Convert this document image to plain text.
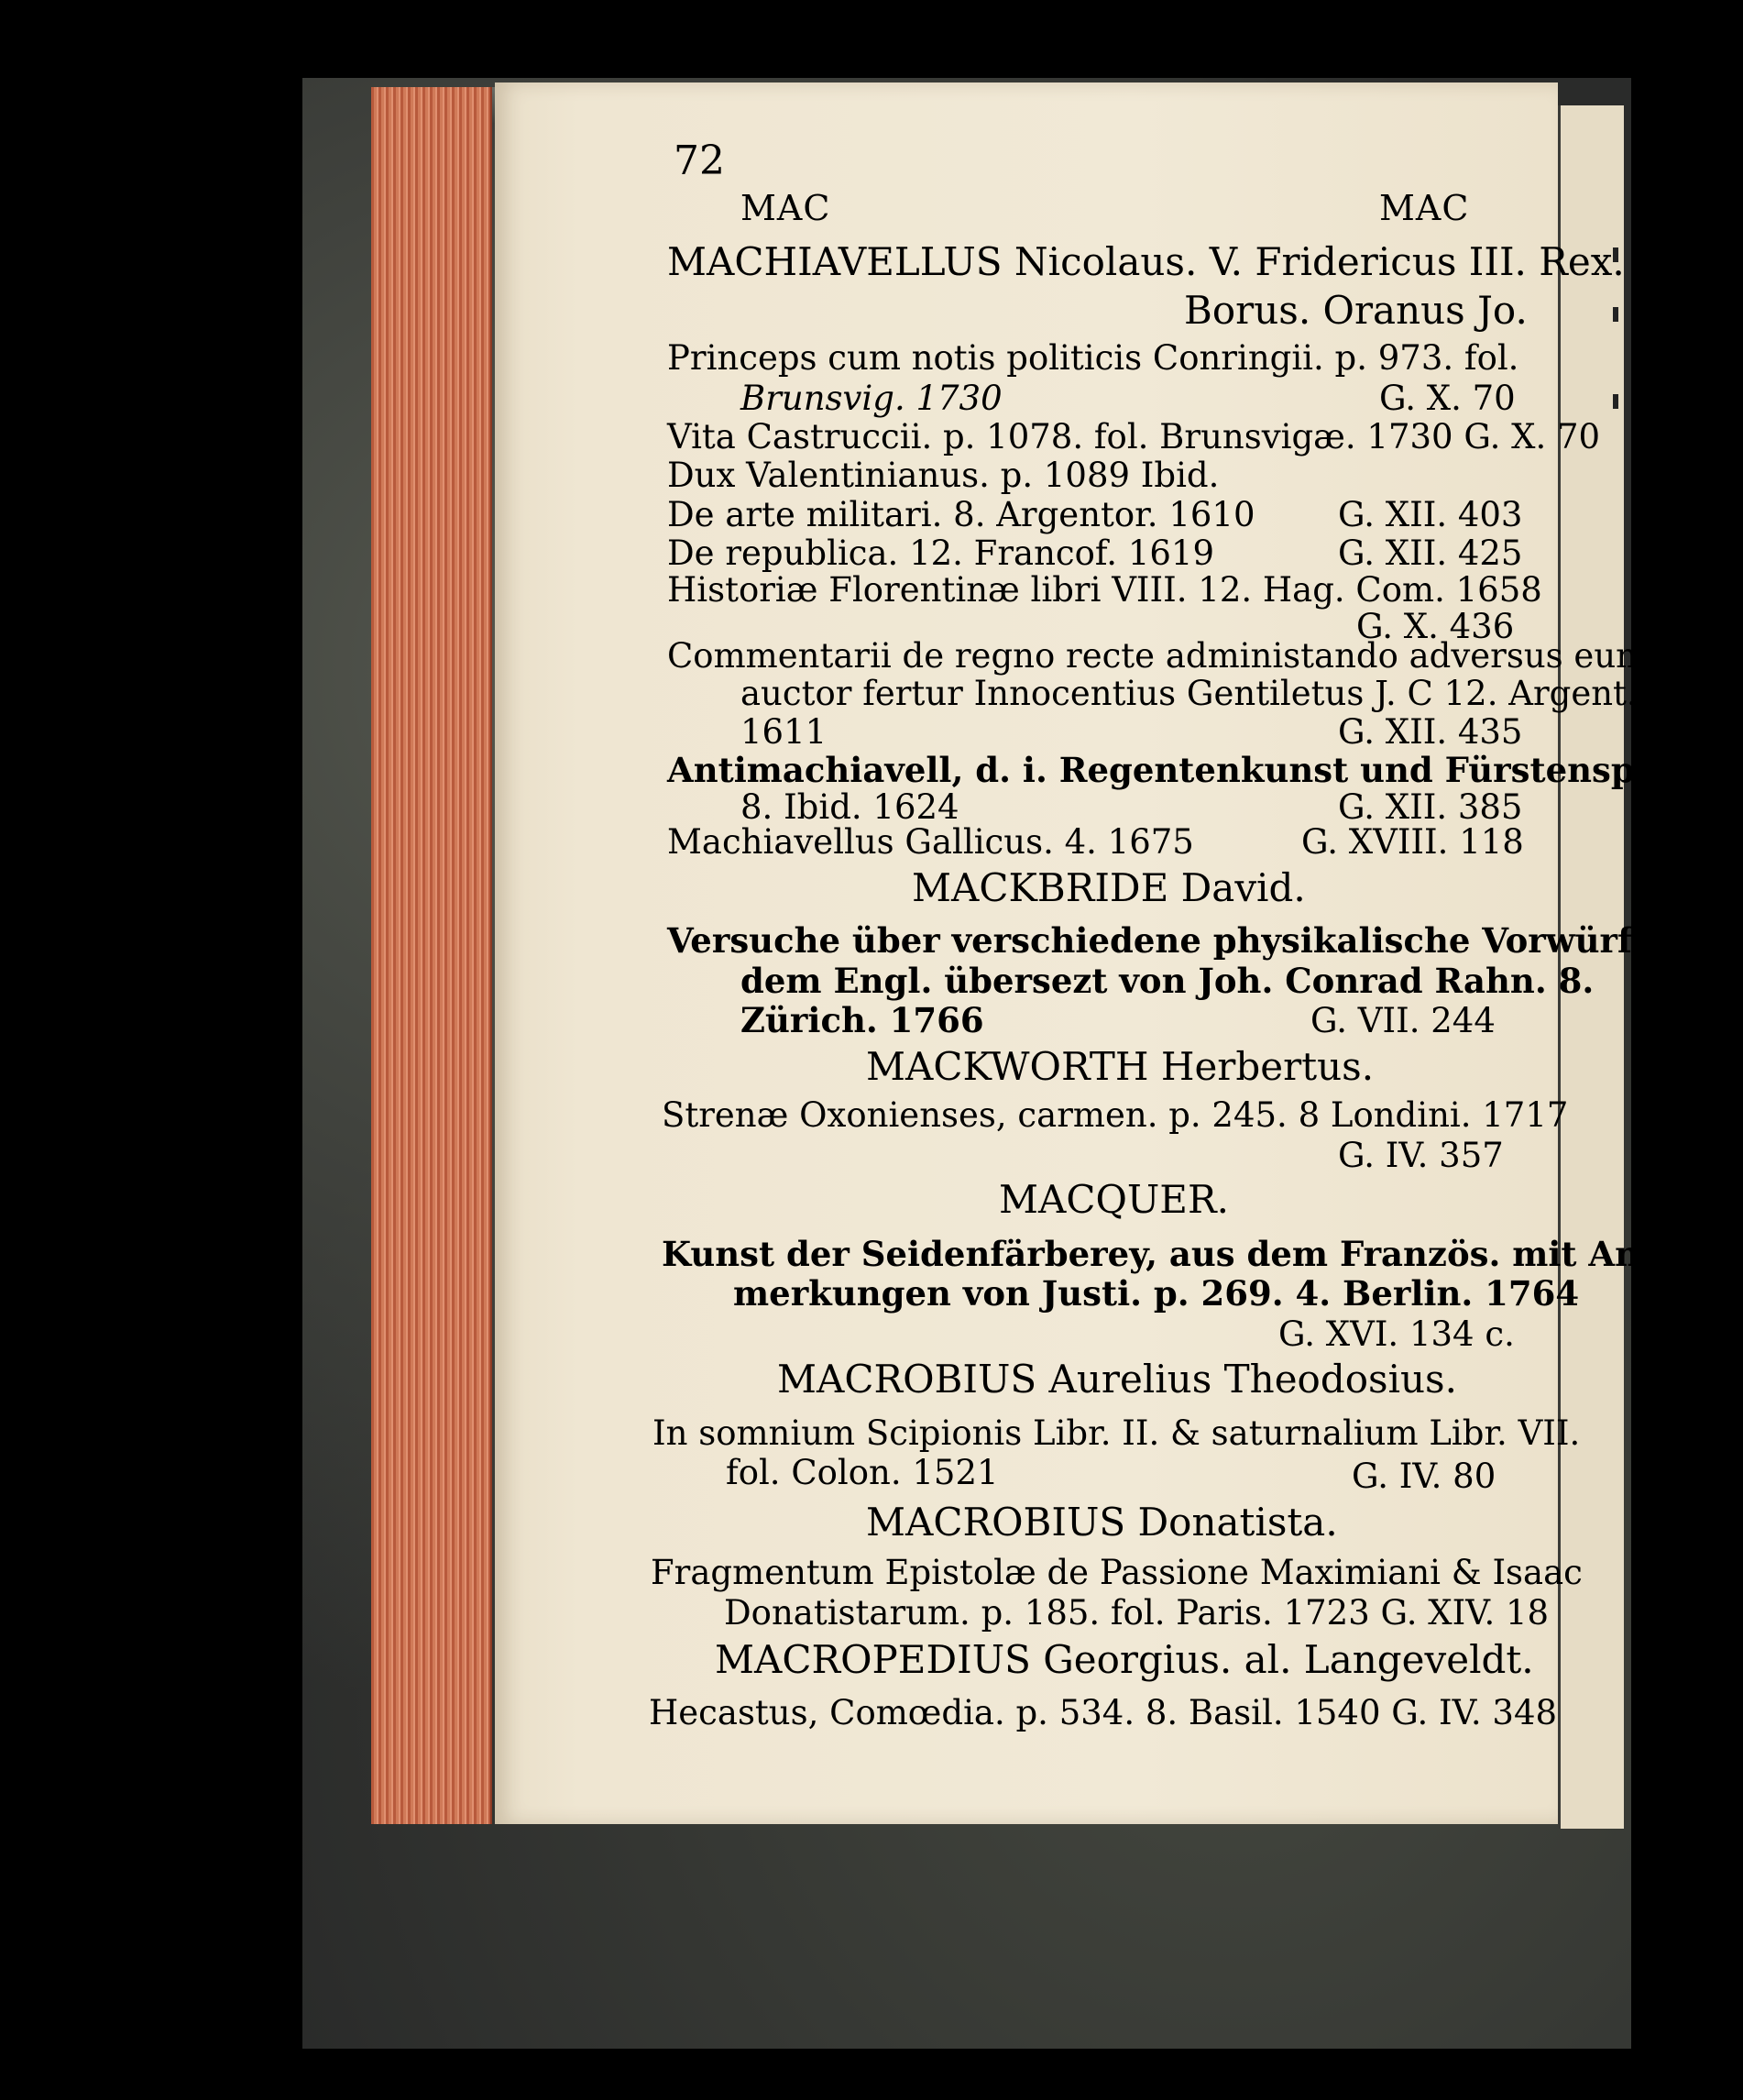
72
MAC	MAC
MACHIAVELLUS Nicolaus. V. Fridericus III. Rex.
Borus. Oranus Jo.
Princeps cum notis politicis Conringii. p. 973. fol.
Brunsvig. 1730	G. X. 70
Vita Castruccii. p. 1078. fol. Brunsvigæ. 1730 G. X. 70
Dux Valentinianus. p. 1089 Ibid.
De arte militari. 8. Argentor. 1610 G. XII. 403
De republica. 12. Francof. 1619	G. XII. 425
Historiæ Florentinæ libri VIII. 12. Hag. Com. 1658
G. X. 436
Commentarii de regno recte administando adversus eum.
auctor fertur Innocentius Gentiletus J. C 12. Argent.
1611	G. XII. 435
Antimachiavell, d. i. Regentenkunst und Fürstenspiegel.
8. Ibid. 1624	G. XII. 385
Machiavellus Gallicus. 4. 1675	G. XVIII. 118
MACKBRIDE David.
Versuche über verschiedene physikalische Vorwürfe, aus
dem Engl. übersezt von Joh. Conrad Rahn. 8.
Zürich. 1766	G. VII. 244
MACKWORTH Herbertus.
Strenæ Oxonienses, carmen. p. 245. 8 Londini. 1717
G. IV. 357
MACQUER.
Kunst der Seidenfärberey, aus dem Französ. mit An-
merkungen von Justi. p. 269. 4. Berlin. 1764
G. XVI. 134 c.
MACROBIUS Aurelius Theodosius.
In somnium Scipionis Libr. II. & saturnalium Libr. VII.
fol. Colon. 1521	G. IV. 80
MACROBIUS Donatista.
Fragmentum Epistolæ de Passione Maximiani & Isaac
Donatistarum. p. 185. fol. Paris. 1723 G. XIV. 18
MACROPEDIUS Georgius. al. Langeveldt.
Hecastus, Comœdia. p. 534. 8. Basil. 1540 G. IV. 348
